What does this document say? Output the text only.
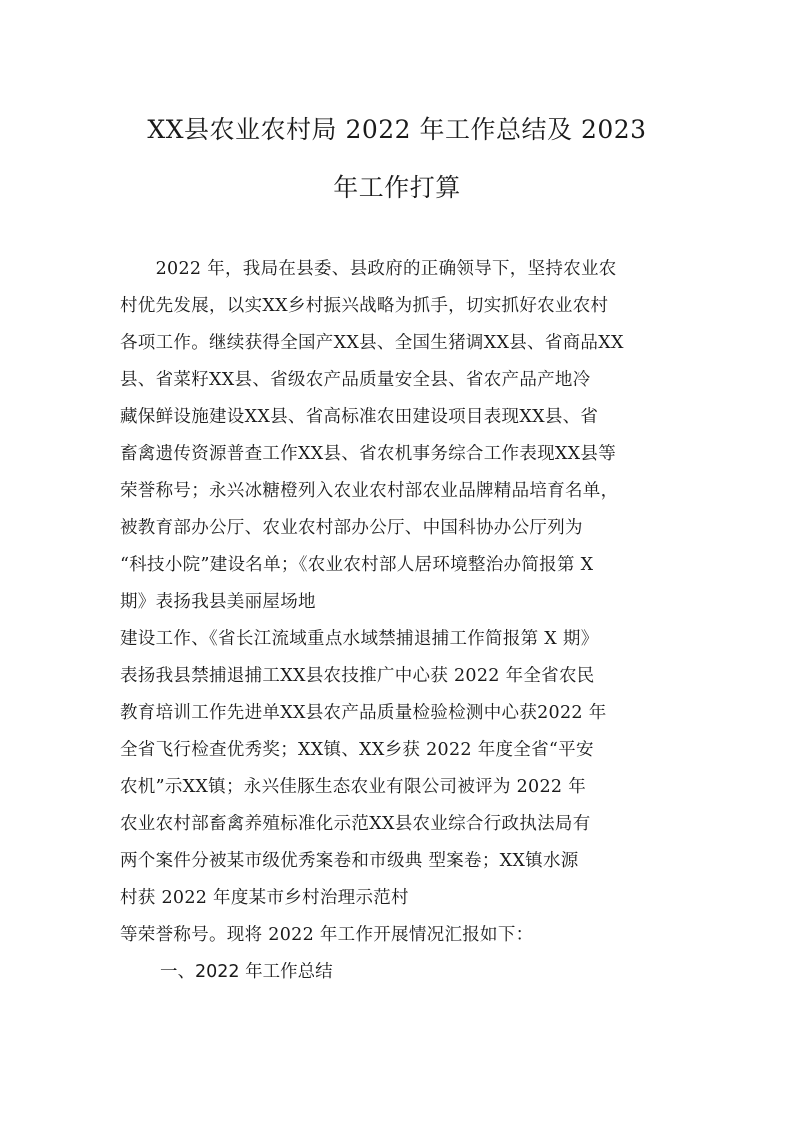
XX县农业农村局 2022 年工作总结及 2023
年工作打算
　　2022 年，我局在县委、县政府的正确领导下，坚持农业农
村优先发展，以实XX乡村振兴战略为抓手，切实抓好农业农村
各项工作。继续获得全国产XX县、全国生猪调XX县、省商品XX
县、省菜籽XX县、省级农产品质量安全县、省农产品产地冷
藏保鲜设施建设XX县、省高标准农田建设项目表现XX县、省
畜禽遗传资源普查工作XX县、省农机事务综合工作表现XX县等
荣誉称号；永兴冰糖橙列入农业农村部农业品牌精品培育名单，
被教育部办公厅、农业农村部办公厅、中国科协办公厅列为
“科技小院”建设名单；《农业农村部人居环境整治办简报第 X
期》表扬我县美丽屋场地
建设工作、《省长江流域重点水域禁捕退捕工作简报第 X 期》
表扬我县禁捕退捕工XX县农技推广中心获 2022 年全省农民
教育培训工作先进单XX县农产品质量检验检测中心获2022 年
全省飞行检查优秀奖；XX镇、XX乡获 2022 年度全省“平安
农机”示XX镇；永兴佳豚生态农业有限公司被评为 2022 年
农业农村部畜禽养殖标准化示范XX县农业综合行政执法局有
两个案件分被某市级优秀案卷和市级典 型案卷；XX镇水源
村获 2022 年度某市乡村治理示范村
等荣誉称号。现将 2022 年工作开展情况汇报如下：
一、2022 年工作总结
